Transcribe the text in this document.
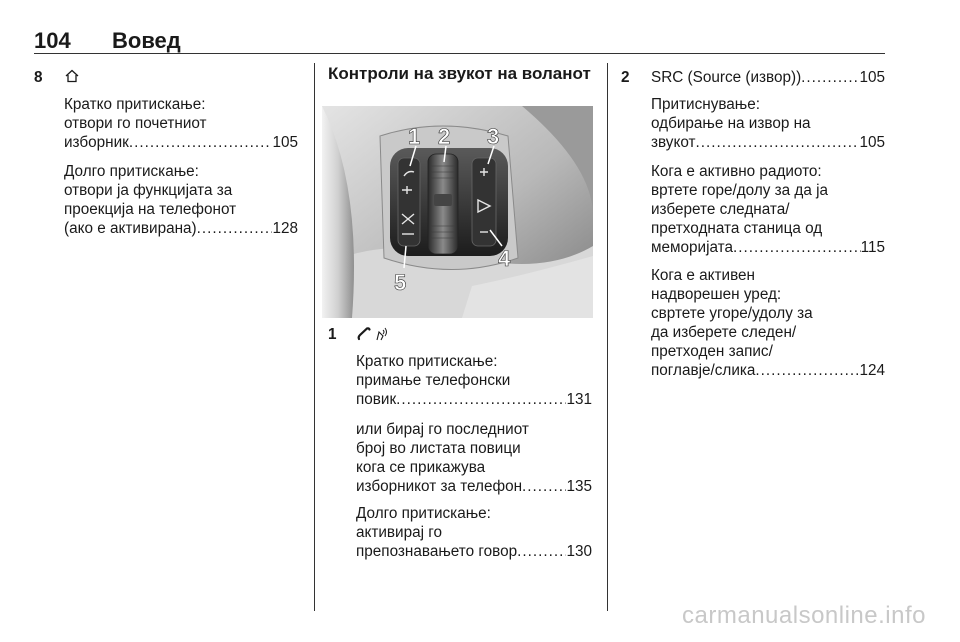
104 Вовед
8
Кратко притискање:
отвори го почетниот
изборник .....	105
Долго притискање:
отвори ја функцијата за
проекција на телефонот
(ако е активирана) .....	128
Контроли на звукот на воланот
1 2 3
4
5
1
Кратко притискање:
примање телефонски
повик .....	131
или бирај го последниот
број во листата повици
кога се прикажува
изборникот за телефон .....	135
Долго притискање:
активирај го
препознавањето говор .....	130
2 SRC (Source (извор)) .....	105
Притиснување:
одбирање на извор на
звукот .....	105
Кога е активно радиото:
вртете горе/долу за да ја
изберете следната/
претходната станица од
меморијата .....	115
Кога е активен
надворешен уред:
свртете угоре/удолу за
да изберете следен/
претходен запис/
поглавје/слика .....	124
carmanualsonline.info
